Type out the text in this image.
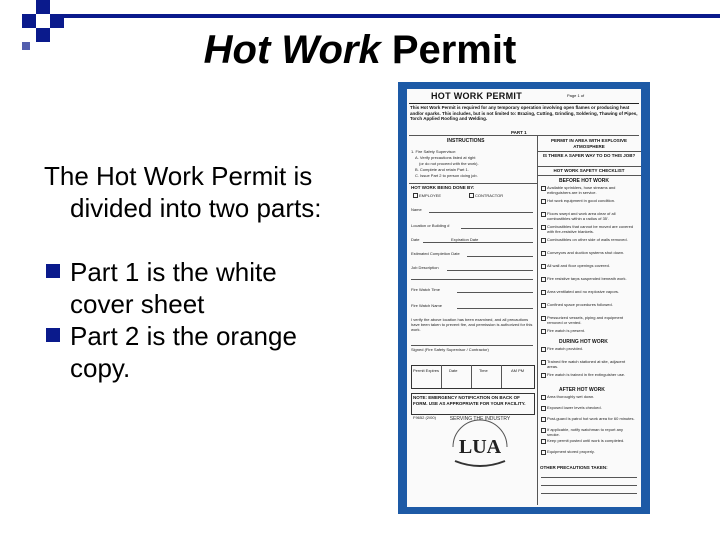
Hot Work Permit
The Hot Work Permit is
divided into two parts:
Part 1 is the white
cover sheet
Part 2 is the orange
copy.
HOT WORK PERMIT	Page 1 of
This Hot Work Permit is required for any temporary operation involving open flames or producing heat and/or sparks. This includes, but is not limited to: Brazing, Cutting, Grinding, Soldering, Thawing of Pipes, Torch Applied Roofing and Welding.
PART 1
INSTRUCTIONS
1. Fire Safety Supervisor:
A. Verify precautions listed at right
(or do not proceed with the work).
B. Complete and retain Part 1.
C. Issue Part 2 to person doing job.
HOT WORK BEING DONE BY:
EMPLOYEE	CONTRACTOR
Name
Location or Building #
Date	Expiration Date
Estimated Completion Date
Job Description
Fire Watch Time
Fire Watch Name
I verify the above location has been examined, and all precautions have been taken to prevent fire, and permission is authorized for this work.
Signed (Fire Safety Supervisor / Contractor)
Permit Expires Date	Time	AM PM
NOTE: EMERGENCY NOTIFICATION ON BACK OF FORM. USE AS APPROPRIATE FOR YOUR FACILITY.
F9652 (2/00)	SERVING THE INDUSTRY
LUA
PERMIT IN AREA WITH EXPLOSIVE ATMOSPHERE
IS THERE A SAFER WAY TO DO THIS JOB?
HOT WORK SAFETY CHECKLIST
BEFORE HOT WORK
DURING HOT WORK
AFTER HOT WORK
OTHER PRECAUTIONS TAKEN:
Available sprinklers, hose streams and extinguishers are in service.
Hot work equipment in good condition.
Floors swept and work area clear of all combustibles within a radius of 35'.
Combustibles that cannot be moved are covered with fire-resistive blankets.
Combustibles on other side of walls removed.
Conveyors and duction systems shut down.
All wall and floor openings covered.
Fire resistive tarps suspended beneath work.
Area ventilated and no explosive vapors.
Confined space procedures followed.
Pressurized vessels, piping and equipment removed or vented.
Fire watch is present.
Fire watch provided.
Trained fire watch stationed at site, adjacent areas.
Fire watch is trained in fire extinguisher use.
Area thoroughly wet down.
Exposed lower levels checked.
Post-guard is patrol hot work area for 60 minutes.
If applicable, notify watchman to report any smoke.
Keep permit posted until work is completed.
Equipment stored properly.
